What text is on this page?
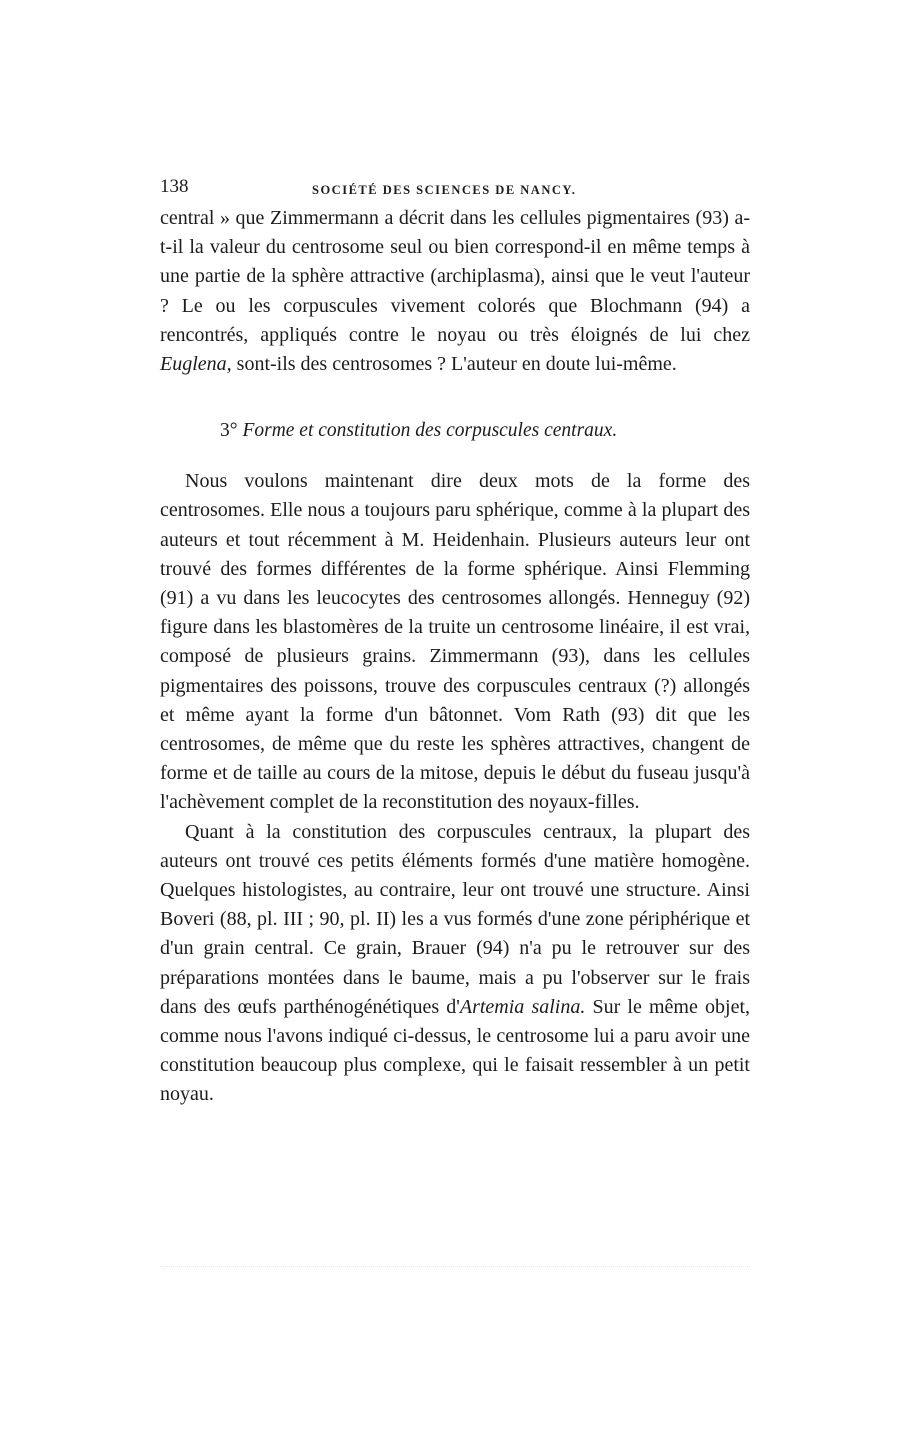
138	SOCIÉTÉ DES SCIENCES DE NANCY.

central » que Zimmermann a décrit dans les cellules pigmentaires (93) a-t-il la valeur du centrosome seul ou bien correspond-il en même temps à une partie de la sphère attractive (archiplasma), ainsi que le veut l'auteur ? Le ou les corpuscules vivement colorés que Blochmann (94) a rencontrés, appliqués contre le noyau ou très éloignés de lui chez Euglena, sont-ils des centrosomes ? L'auteur en doute lui-même.

3° Forme et constitution des corpuscules centraux.

Nous voulons maintenant dire deux mots de la forme des centrosomes. Elle nous a toujours paru sphérique, comme à la plupart des auteurs et tout récemment à M. Heidenhain. Plusieurs auteurs leur ont trouvé des formes différentes de la forme sphérique. Ainsi Flemming (91) a vu dans les leucocytes des centrosomes allongés. Henneguy (92) figure dans les blastomères de la truite un centrosome linéaire, il est vrai, composé de plusieurs grains. Zimmermann (93), dans les cellules pigmentaires des poissons, trouve des corpuscules centraux (?) allongés et même ayant la forme d'un bâtonnet. Vom Rath (93) dit que les centrosomes, de même que du reste les sphères attractives, changent de forme et de taille au cours de la mitose, depuis le début du fuseau jusqu'à l'achèvement complet de la reconstitution des noyaux-filles.

Quant à la constitution des corpuscules centraux, la plupart des auteurs ont trouvé ces petits éléments formés d'une matière homogène. Quelques histologistes, au contraire, leur ont trouvé une structure. Ainsi Boveri (88, pl. III ; 90, pl. II) les a vus formés d'une zone périphérique et d'un grain central. Ce grain, Brauer (94) n'a pu le retrouver sur des préparations montées dans le baume, mais a pu l'observer sur le frais dans des œufs parthénogénétiques d'Artemia salina. Sur le même objet, comme nous l'avons indiqué ci-dessus, le centrosome lui a paru avoir une constitution beaucoup plus complexe, qui le faisait ressembler à un petit noyau.
